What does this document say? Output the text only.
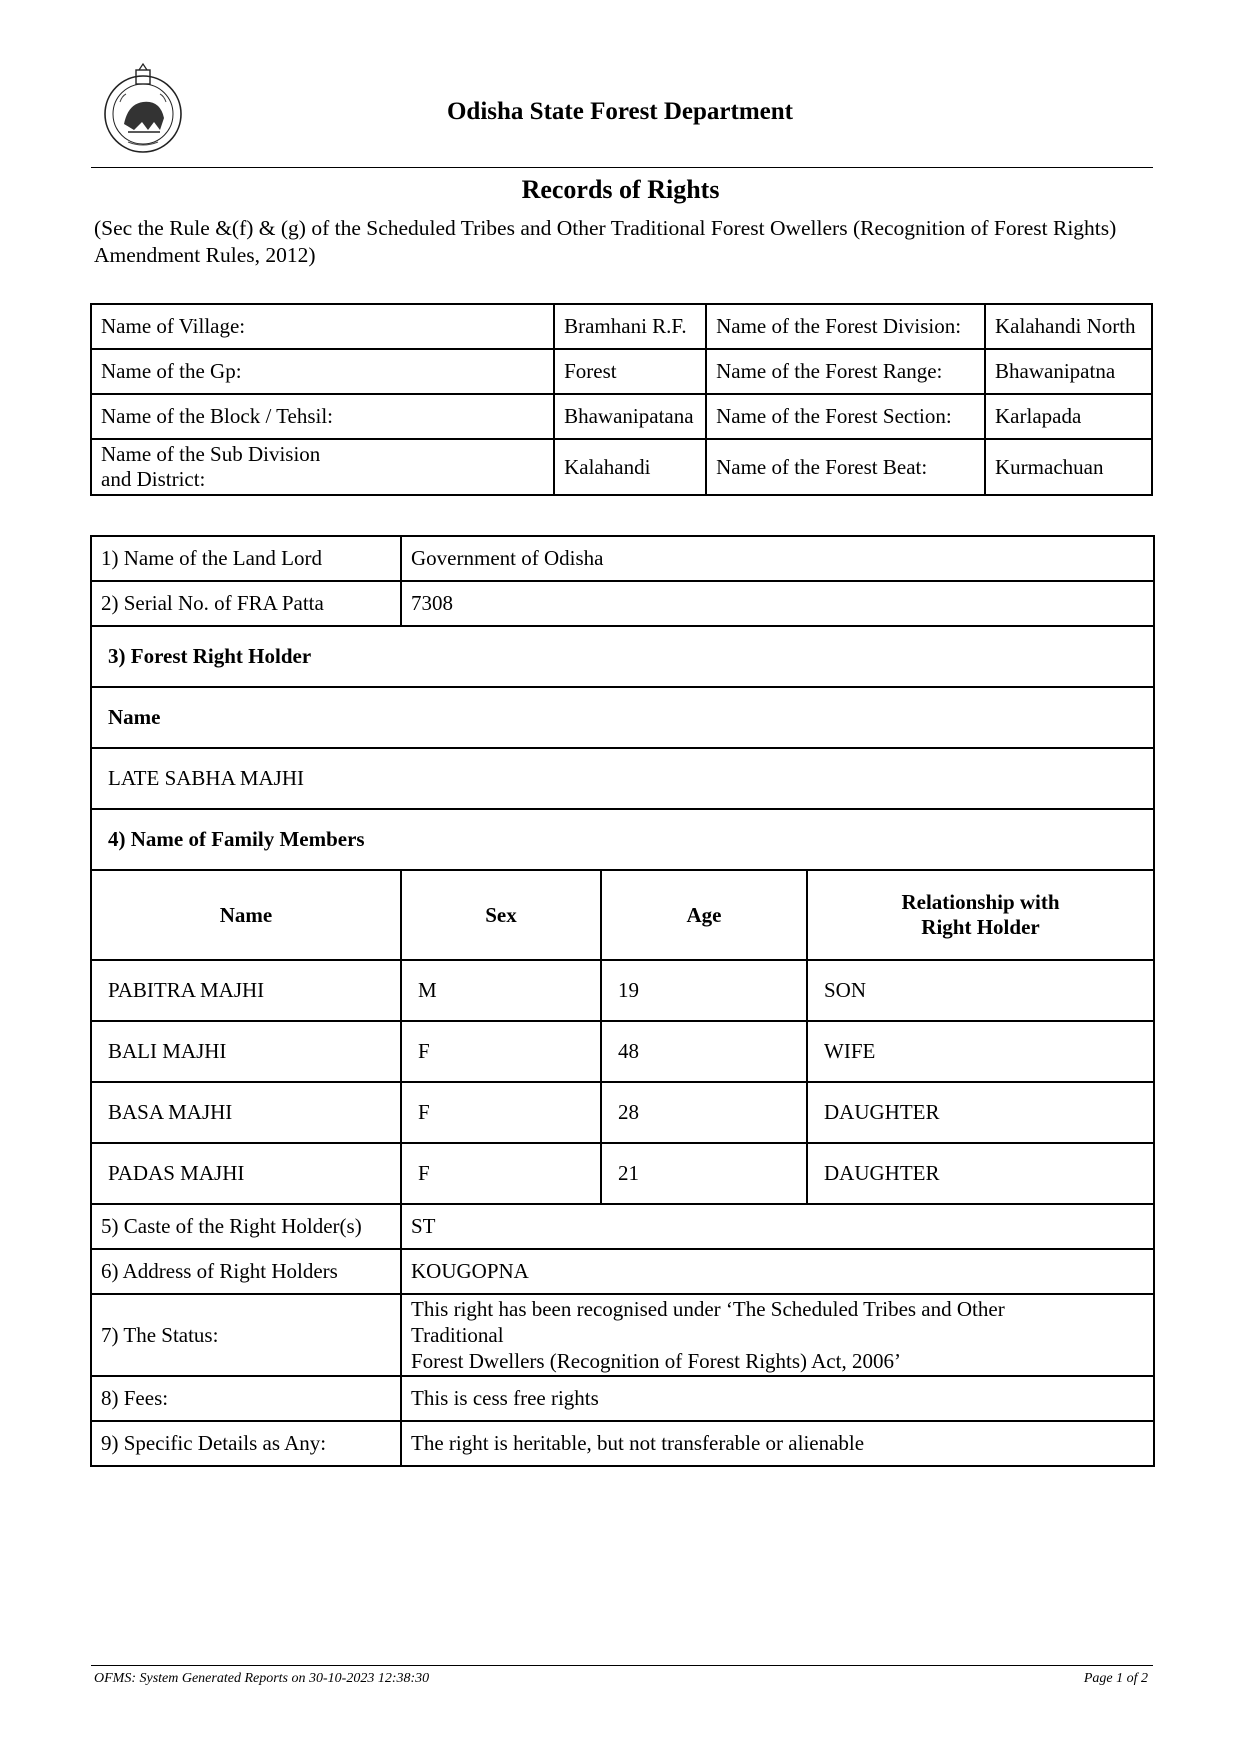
Odisha State Forest Department
Records of Rights
(Sec the Rule &(f) & (g) of the Scheduled Tribes and Other Traditional Forest Owellers (Recognition of Forest Rights) Amendment Rules, 2012)
Name of Village:	Bramhani R.F.	Name of the Forest Division:	Kalahandi North
Name of the Gp:	Forest	Name of the Forest Range:	Bhawanipatna
Name of the Block / Tehsil:	Bhawanipatana	Name of the Forest Section:	Karlapada

Name of the Sub Division
and District:	Kalahandi	Name of the Forest Beat:	Kurmachuan
1) Name of the Land Lord	Government of Odisha		
2) Serial No. of FRA Patta	7308		
3) Forest Right Holder			
Name			
LATE SABHA MAJHI			
4) Name of Family Members			
Name	Sex	Age	Relationship with
Right Holder

PABITRA MAJHI	M	19	SON
BALI MAJHI	F	48	WIFE
BASA MAJHI	F	28	DAUGHTER
PADAS MAJHI	F	21	DAUGHTER
5) Caste of the Right Holder(s)	ST		
6) Address of Right Holders	KOUGOPNA		
7) The Status:	This right has been recognised under ‘The Scheduled Tribes and Other
Traditional
Forest Dwellers (Recognition of Forest Rights) Act, 2006’		

8) Fees:	This is cess free rights		
9) Specific Details as Any:	The right is heritable, but not transferable or alienable		
OFMS: System Generated Reports on 30-10-2023 12:38:30	Page 1 of 2
